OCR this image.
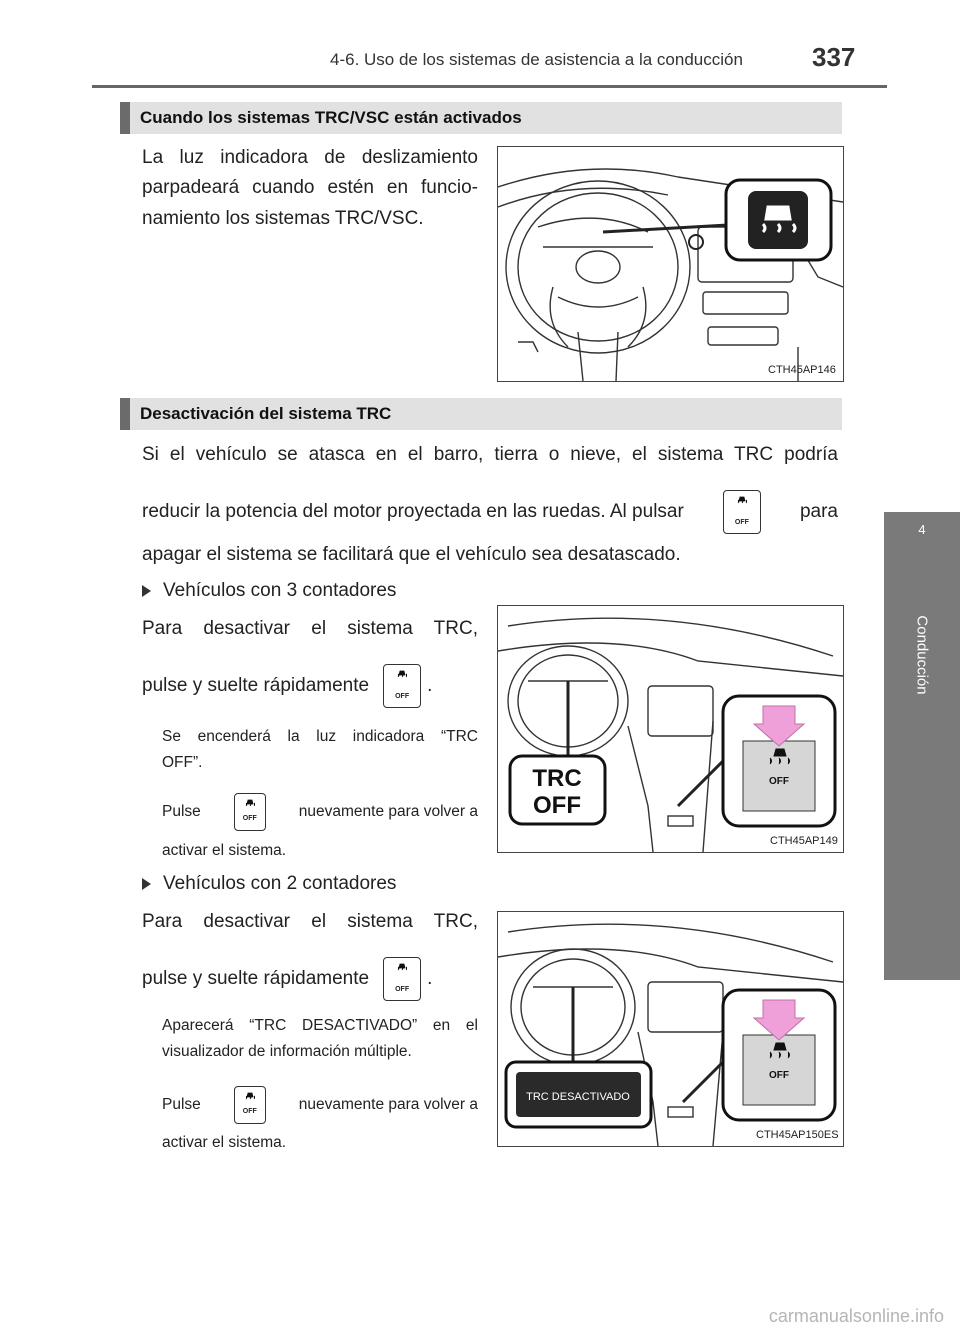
4-6. Uso de los sistemas de asistencia a la conducción	337
4
Conducción
Cuando los sistemas TRC/VSC están activados
La luz indicadora de deslizamiento
parpadeará cuando estén en funcio-
namiento los sistemas TRC/VSC.
CTH45AP146
Desactivación del sistema TRC
Si el vehículo se atasca en el barro, tierra o nieve, el sistema TRC podría
reducir la potencia del motor proyectada en las ruedas. Al pulsar
OFF
para
apagar el sistema se facilitará que el vehículo sea desatascado.
Vehículos con 3 contadores
Para desactivar el sistema TRC,
pulse y suelte rápidamente
OFF
.
Se encenderá la luz indicadora “TRC
OFF”.
Pulse	OFF	nuevamente para volver a
activar el sistema.
TRC
OFF
OFF
CTH45AP149
Vehículos con 2 contadores
Para desactivar el sistema TRC,
pulse y suelte rápidamente
OFF
.
Aparecerá “TRC DESACTIVADO” en el
visualizador de información múltiple.
Pulse	OFF	nuevamente para volver a
activar el sistema.
TRC DESACTIVADO
OFF
CTH45AP150ES
carmanualsonline.info
